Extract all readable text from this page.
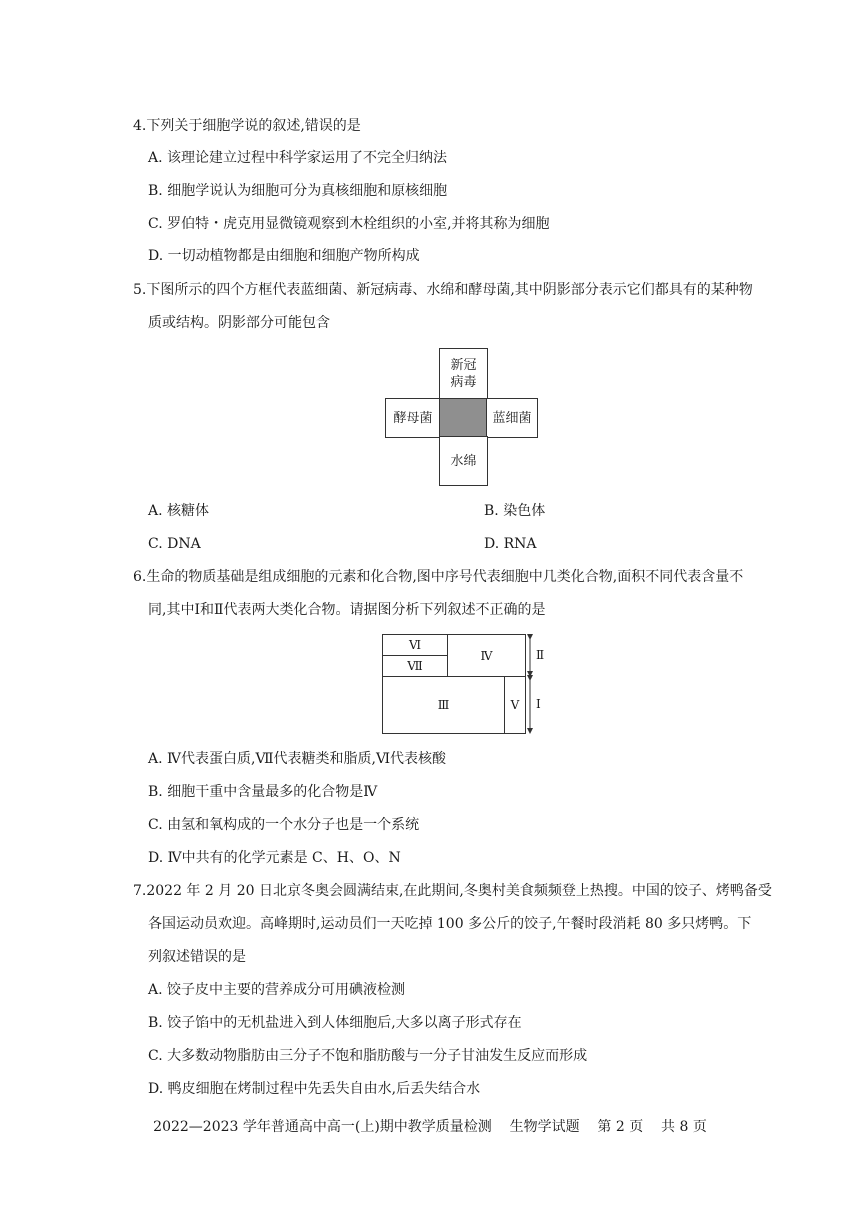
4.下列关于细胞学说的叙述,错误的是
A. 该理论建立过程中科学家运用了不完全归纳法
B. 细胞学说认为细胞可分为真核细胞和原核细胞
C. 罗伯特・虎克用显微镜观察到木栓组织的小室,并将其称为细胞
D. 一切动植物都是由细胞和细胞产物所构成
5.下图所示的四个方框代表蓝细菌、新冠病毒、水绵和酵母菌,其中阴影部分表示它们都具有的某种物
质或结构。阴影部分可能包含
新冠
病毒
酵母菌	蓝细菌
水绵
A. 核糖体	B. 染色体
C. DNA	D. RNA
6.生命的物质基础是组成细胞的元素和化合物,图中序号代表细胞中几类化合物,面积不同代表含量不
同,其中Ⅰ和Ⅱ代表两大类化合物。请据图分析下列叙述不正确的是
Ⅵ
Ⅶ
Ⅳ
Ⅲ	Ⅴ
Ⅱ
Ⅰ
A. Ⅳ代表蛋白质,Ⅶ代表糖类和脂质,Ⅵ代表核酸
B. 细胞干重中含量最多的化合物是Ⅳ
C. 由氢和氧构成的一个水分子也是一个系统
D. Ⅳ中共有的化学元素是 C、H、O、N
7.2022 年 2 月 20 日北京冬奥会圆满结束,在此期间,冬奥村美食频频登上热搜。中国的饺子、烤鸭备受
各国运动员欢迎。高峰期时,运动员们一天吃掉 100 多公斤的饺子,午餐时段消耗 80 多只烤鸭。下
列叙述错误的是
A. 饺子皮中主要的营养成分可用碘液检测
B. 饺子馅中的无机盐进入到人体细胞后,大多以离子形式存在
C. 大多数动物脂肪由三分子不饱和脂肪酸与一分子甘油发生反应而形成
D. 鸭皮细胞在烤制过程中先丢失自由水,后丢失结合水
2022—2023 学年普通高中高一(上)期中教学质量检测    生物学试题    第 2 页    共 8 页
